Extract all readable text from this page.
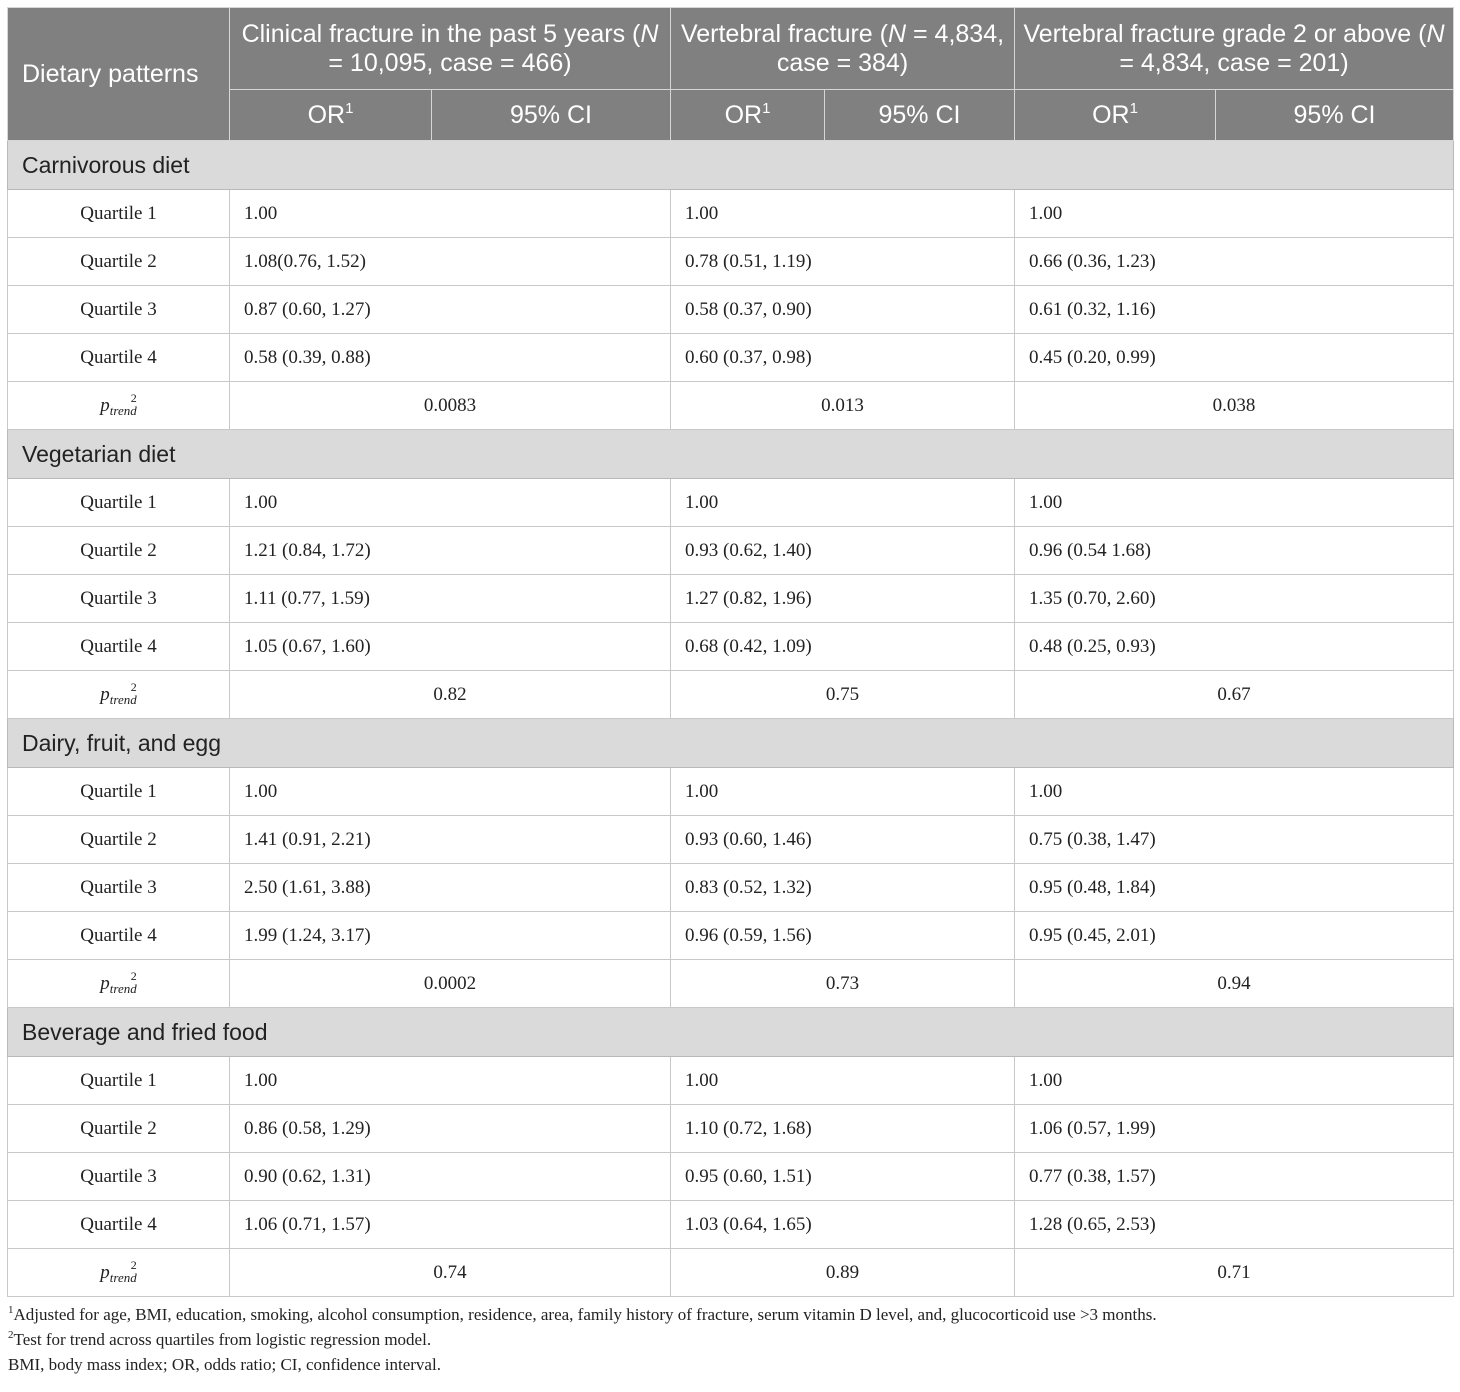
Dietary patterns	Clinical fracture in the past 5 years (N = 10,095, case = 466)		Vertebral fracture (N = 4,834, case = 384)		Vertebral fracture grade 2 or above (N = 4,834, case = 201)	
	$OR^1$	95% CI	$OR^1$	95% CI	$OR^1$	95% CI
Carnivorous diet						
Quartile 1	1.00		1.00		1.00	
Quartile 2	1.08(0.76, 1.52)		0.78 (0.51, 1.19)		0.66 (0.36, 1.23)	
Quartile 3	0.87 (0.60, 1.27)		0.58 (0.37, 0.90)		0.61 (0.32, 1.16)	
Quartile 4	0.58 (0.39, 0.88)		0.60 (0.37, 0.98)		0.45 (0.20, 0.99)	
$p_{trend}^2$	0.0083		0.013		0.038	
Vegetarian diet						
Quartile 1	1.00		1.00		1.00	
Quartile 2	1.21 (0.84, 1.72)		0.93 (0.62, 1.40)		0.96 (0.54 1.68)	
Quartile 3	1.11 (0.77, 1.59)		1.27 (0.82, 1.96)		1.35 (0.70, 2.60)	
Quartile 4	1.05 (0.67, 1.60)		0.68 (0.42, 1.09)		0.48 (0.25, 0.93)	
$p_{trend}^2$	0.82		0.75		0.67	
Dairy, fruit, and egg						
Quartile 1	1.00		1.00		1.00	
Quartile 2	1.41 (0.91, 2.21)		0.93 (0.60, 1.46)		0.75 (0.38, 1.47)	
Quartile 3	2.50 (1.61, 3.88)		0.83 (0.52, 1.32)		0.95 (0.48, 1.84)	
Quartile 4	1.99 (1.24, 3.17)		0.96 (0.59, 1.56)		0.95 (0.45, 2.01)	
$p_{trend}^2$	0.0002		0.73		0.94	
Beverage and fried food						
Quartile 1	1.00		1.00		1.00	
Quartile 2	0.86 (0.58, 1.29)		1.10 (0.72, 1.68)		1.06 (0.57, 1.99)	
Quartile 3	0.90 (0.62, 1.31)		0.95 (0.60, 1.51)		0.77 (0.38, 1.57)	
Quartile 4	1.06 (0.71, 1.57)		1.03 (0.64, 1.65)		1.28 (0.65, 2.53)	
$p_{trend}^2$	0.74		0.89		0.71	
$^1$Adjusted for age, BMI, education, smoking, alcohol consumption, residence, area, family history of fracture, serum vitamin D level, and, glucocorticoid use >3 months.
$^2$Test for trend across quartiles from logistic regression model.
BMI, body mass index; OR, odds ratio; CI, confidence interval.
